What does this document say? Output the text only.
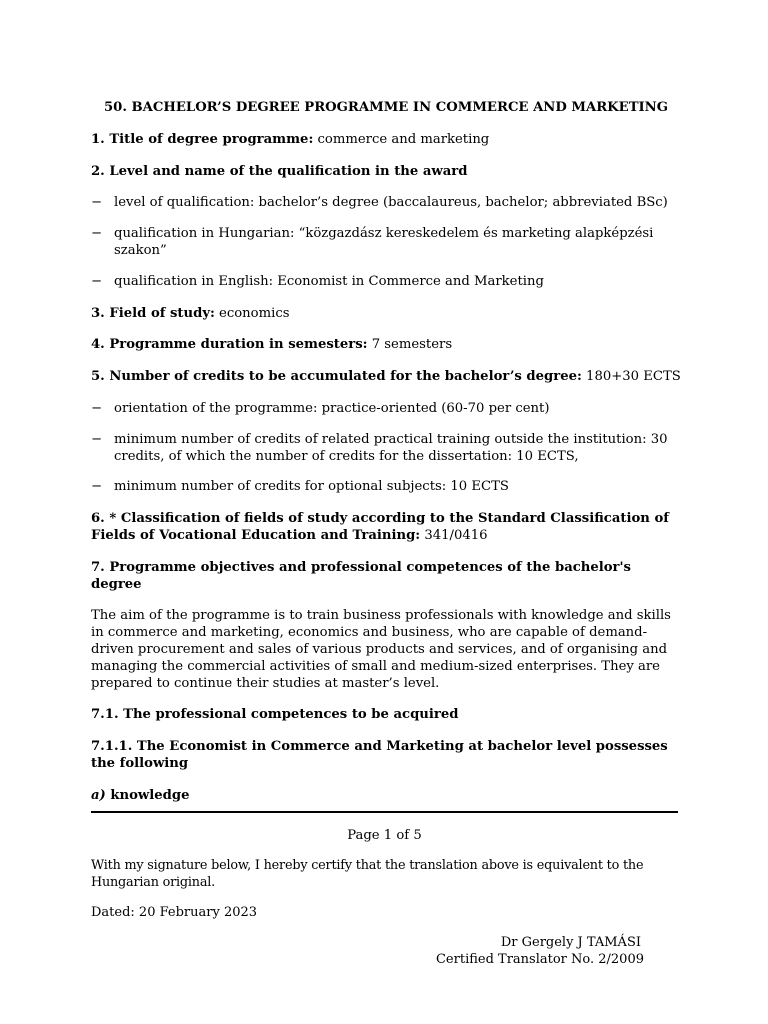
50. BACHELOR’S DEGREE PROGRAMME IN COMMERCE AND MARKETING

1. Title of degree programme: commerce and marketing

2. Level and name of the qualification in the award

− level of qualification: bachelor’s degree (baccalaureus, bachelor; abbreviated BSc)

− qualification in Hungarian: “közgazdász kereskedelem és marketing alapképzési szakon”

− qualification in English: Economist in Commerce and Marketing

3. Field of study: economics

4. Programme duration in semesters: 7 semesters

5. Number of credits to be accumulated for the bachelor’s degree: 180+30 ECTS

− orientation of the programme: practice-oriented (60-70 per cent)

− minimum number of credits of related practical training outside the institution: 30 credits, of which the number of credits for the dissertation: 10 ECTS,

− minimum number of credits for optional subjects: 10 ECTS

6. * Classification of fields of study according to the Standard Classification of Fields of Vocational Education and Training: 341/0416

7. Programme objectives and professional competences of the bachelor's degree

The aim of the programme is to train business professionals with knowledge and skills in commerce and marketing, economics and business, who are capable of demand-driven procurement and sales of various products and services, and of organising and managing the commercial activities of small and medium-sized enterprises. They are prepared to continue their studies at master’s level.

7.1. The professional competences to be acquired

7.1.1. The Economist in Commerce and Marketing at bachelor level possesses the following

a) knowledge

Page 1 of 5
With my signature below, I hereby certify that the translation above is equivalent to the Hungarian original.
Dated: 20 February 2023
Dr Gergely J TAMÁSI
Certified Translator No. 2/2009
